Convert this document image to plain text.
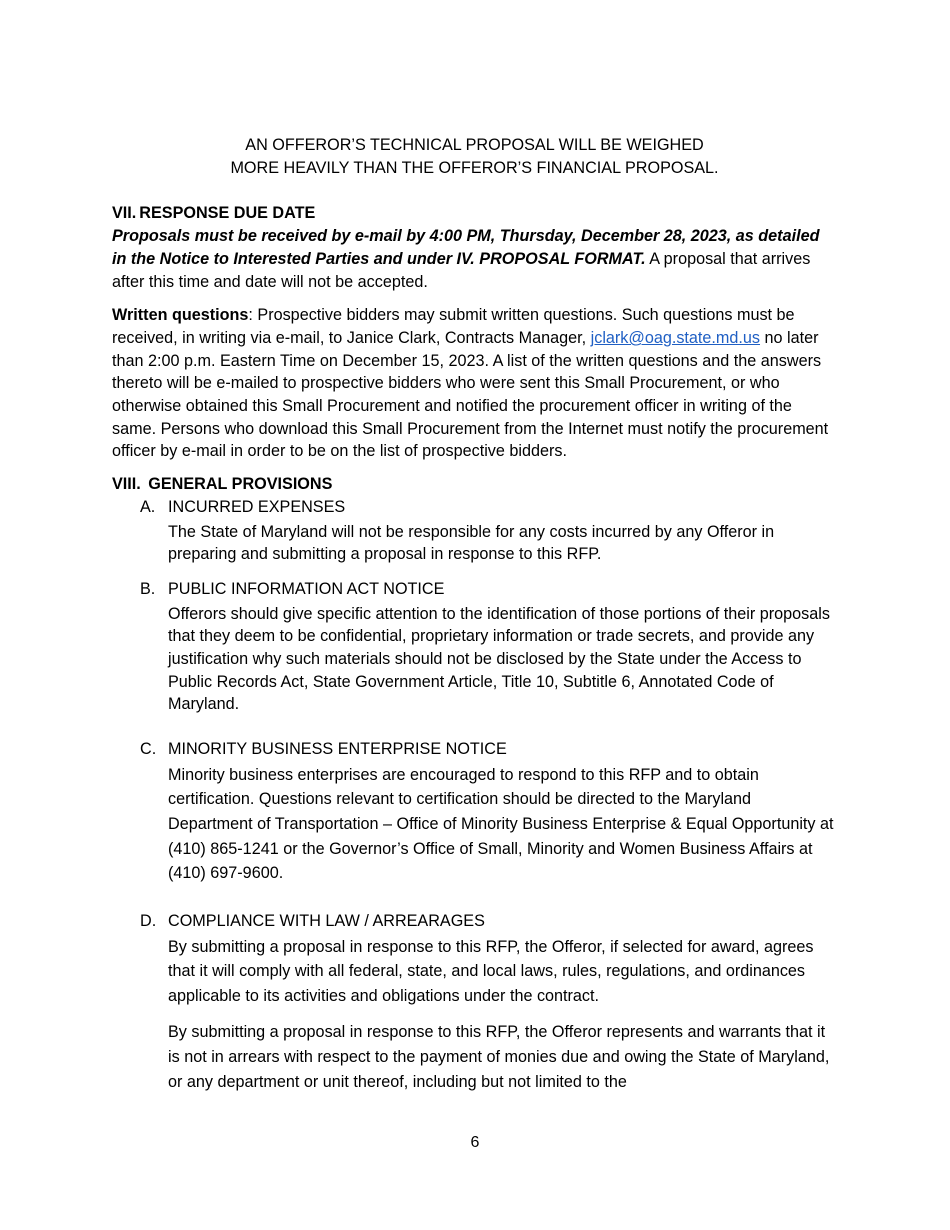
AN OFFEROR’S TECHNICAL PROPOSAL WILL BE WEIGHED
MORE HEAVILY THAN THE OFFEROR’S FINANCIAL PROPOSAL.
VII. RESPONSE DUE DATE

Proposals must be received by e-mail by 4:00 PM, Thursday, December 28, 2023, as detailed in the Notice to Interested Parties and under IV. PROPOSAL FORMAT. A proposal that arrives after this time and date will not be accepted.

Written questions: Prospective bidders may submit written questions. Such questions must be received, in writing via e-mail, to Janice Clark, Contracts Manager, jclark@oag.state.md.us no later than 2:00 p.m. Eastern Time on December 15, 2023. A list of the written questions and the answers thereto will be e-mailed to prospective bidders who were sent this Small Procurement, or who otherwise obtained this Small Procurement and notified the procurement officer in writing of the same. Persons who download this Small Procurement from the Internet must notify the procurement officer by e-mail in order to be on the list of prospective bidders.

VIII. GENERAL PROVISIONS
A. INCURRED EXPENSES

The State of Maryland will not be responsible for any costs incurred by any Offeror in preparing and submitting a proposal in response to this RFP.

B. PUBLIC INFORMATION ACT NOTICE

Offerors should give specific attention to the identification of those portions of their proposals that they deem to be confidential, proprietary information or trade secrets, and provide any justification why such materials should not be disclosed by the State under the Access to Public Records Act, State Government Article, Title 10, Subtitle 6, Annotated Code of Maryland.

C. MINORITY BUSINESS ENTERPRISE NOTICE

Minority business enterprises are encouraged to respond to this RFP and to obtain certification. Questions relevant to certification should be directed to the Maryland Department of Transportation – Office of Minority Business Enterprise & Equal Opportunity at (410) 865-1241 or the Governor’s Office of Small, Minority and Women Business Affairs at (410) 697-9600.

D. COMPLIANCE WITH LAW / ARREARAGES

By submitting a proposal in response to this RFP, the Offeror, if selected for award, agrees that it will comply with all federal, state, and local laws, rules, regulations, and ordinances applicable to its activities and obligations under the contract.

By submitting a proposal in response to this RFP, the Offeror represents and warrants that it is not in arrears with respect to the payment of monies due and owing the State of Maryland, or any department or unit thereof, including but not limited to the

6
